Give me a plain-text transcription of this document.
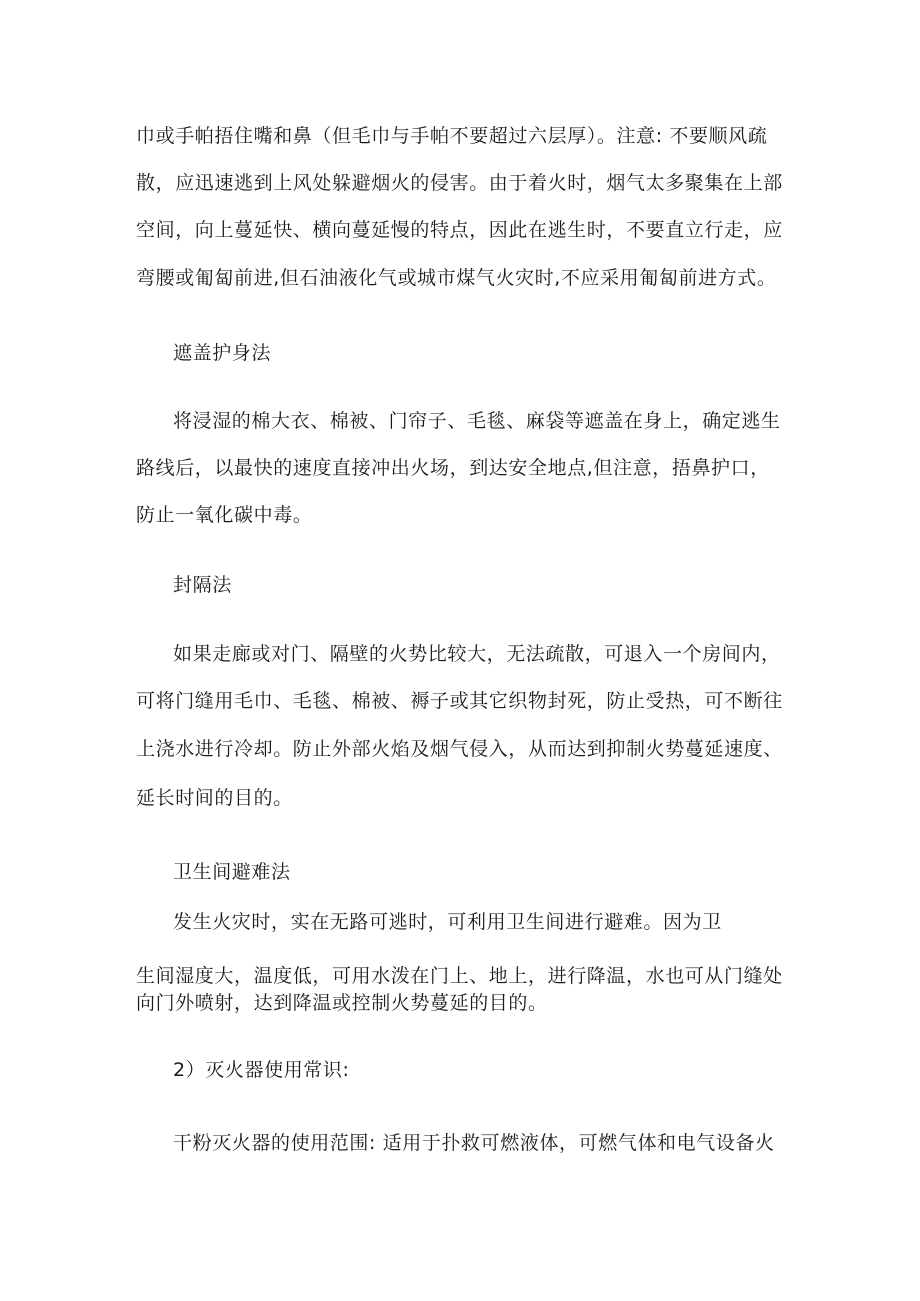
巾或手帕捂住嘴和鼻（但毛巾与手帕不要超过六层厚）。注意: 不要顺风疏
散，应迅速逃到上风处躲避烟火的侵害。由于着火时，烟气太多聚集在上部
空间，向上蔓延快、横向蔓延慢的特点，因此在逃生时，不要直立行走，应
弯腰或匍匐前进,但石油液化气或城市煤气火灾时,不应采用匍匐前进方式。
遮盖护身法
将浸湿的棉大衣、棉被、门帘子、毛毯、麻袋等遮盖在身上，确定逃生
路线后，以最快的速度直接冲出火场，到达安全地点,但注意，捂鼻护口，
防止一氧化碳中毒。
封隔法
如果走廊或对门、隔壁的火势比较大，无法疏散，可退入一个房间内，
可将门缝用毛巾、毛毯、棉被、褥子或其它织物封死，防止受热，可不断往
上浇水进行冷却。防止外部火焰及烟气侵入，从而达到抑制火势蔓延速度、
延长时间的目的。
卫生间避难法
发生火灾时，实在无路可逃时，可利用卫生间进行避难。因为卫
生间湿度大，温度低，可用水泼在门上、地上，进行降温，水也可从门缝处
向门外喷射，达到降温或控制火势蔓延的目的。
2）灭火器使用常识:
干粉灭火器的使用范围: 适用于扑救可燃液体，可燃气体和电气设备火
